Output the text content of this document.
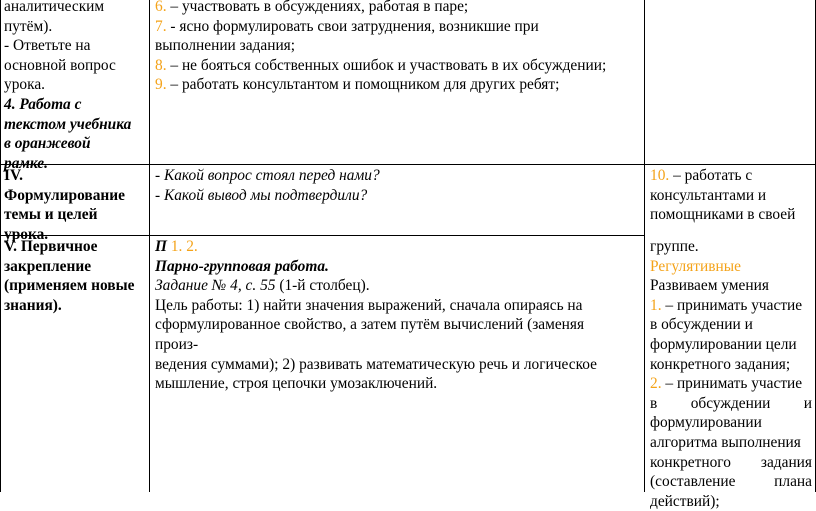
аналитическим
путём).
- Ответьте на
основной вопрос
урока.
4. Работа с
текстом учебника
в оранжевой
рамке.
6. – участвовать в обсуждениях, работая в паре;
7. - ясно формулировать свои затруднения, возникшие при
выполнении задания;
8. – не бояться собственных ошибок и участвовать в их обсуждении;
9. – работать консультантом и помощником для других ребят;
IV.
Формулирование
темы и целей
урока.
- Какой вопрос стоял перед нами?
- Какой вывод мы подтвердили?
10. – работать с
консультантами и
помощниками в своей
V. Первичное
закрепление
(применяем новые
знания).
П 1. 2.
Парно-групповая работа.
Задание № 4, с. 55 (1-й столбец).
Цель работы: 1) найти значения выражений, сначала опираясь на
сформулированное свойство, а затем путём вычислений (заменяя
произ-
ведения суммами); 2) развивать математическую речь и логическое
мышление, строя цепочки умозаключений.
группе.
Регулятивные
Развиваем умения
1. – принимать участие
в обсуждении и
формулировании цели
конкретного задания;
2. – принимать участие
в обсуждении и
формулировании
алгоритма выполнения
конкретного задания
(составление	плана
действий);
